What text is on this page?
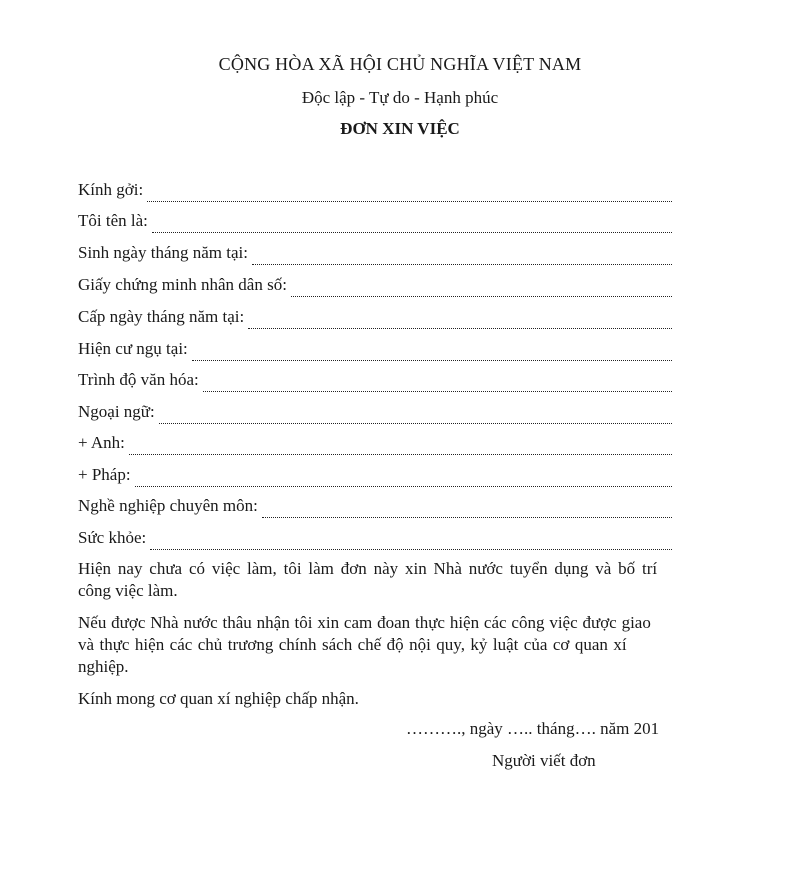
CỘNG HÒA XÃ HỘI CHỦ NGHĨA VIỆT NAM
Độc lập - Tự do - Hạnh phúc
ĐƠN XIN VIỆC
Kính gởi:
Tôi tên là:
Sinh ngày tháng năm tại:
Giấy chứng minh nhân dân số:
Cấp ngày tháng năm tại:
Hiện cư ngụ tại:
Trình độ văn hóa:
Ngoại ngữ:
+ Anh:
+ Pháp:
Nghề nghiệp chuyên môn:
Sức khỏe:
Hiện nay chưa có việc làm, tôi làm đơn này xin Nhà nước tuyển dụng và bố trí
công việc làm.
Nếu được Nhà nước thâu nhận tôi xin cam đoan thực hiện các công việc được giao
và thực hiện các chủ trương chính sách chế độ nội quy, kỷ luật của cơ quan xí
nghiệp.
Kính mong cơ quan xí nghiệp chấp nhận.
………., ngày ….. tháng…. năm 201
Người viết đơn
